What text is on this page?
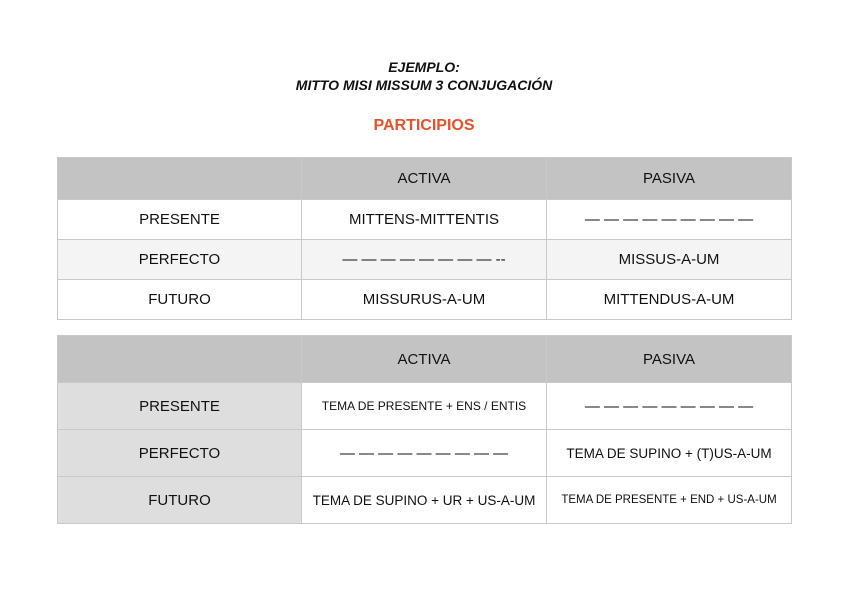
EJEMPLO:
MITTO MISI MISSUM 3 CONJUGACIÓN
PARTICIPIOS
	ACTIVA	PASIVA
PRESENTE	MITTENS-MITTENTIS	— — — — — — — — —
PERFECTO	— — — — — — — — --	MISSUS-A-UM
FUTURO	MISSURUS-A-UM	MITTENDUS-A-UM
	ACTIVA	PASIVA
PRESENTE	TEMA DE PRESENTE + ENS / ENTIS	— — — — — — — — —
PERFECTO	— — — — — — — — —	TEMA DE SUPINO + (T)US-A-UM
FUTURO	TEMA DE SUPINO + UR + US-A-UM	TEMA DE PRESENTE + END + US-A-UM
